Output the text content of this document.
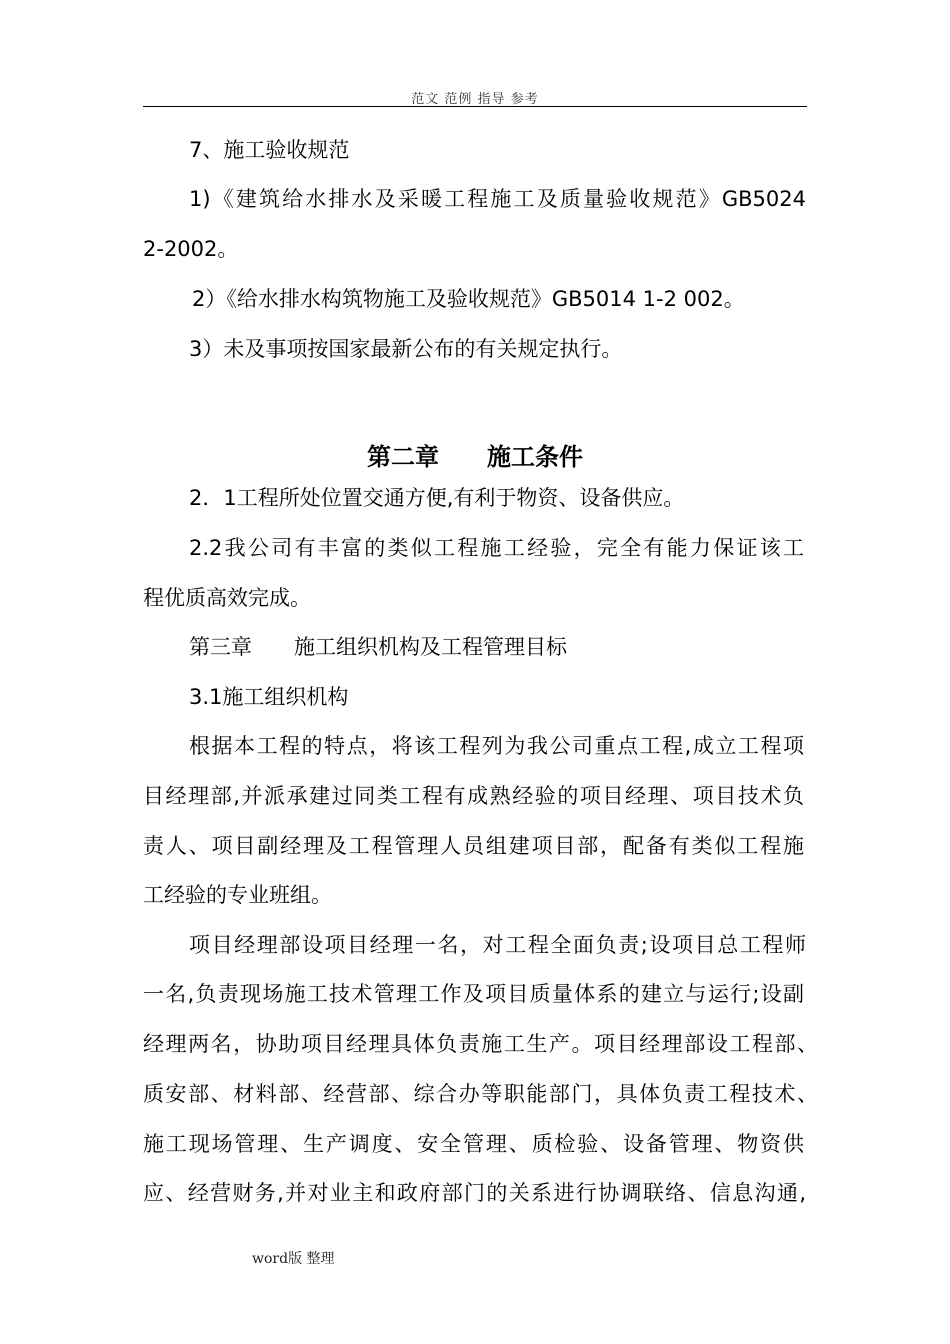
范文 范例 指导 参考
7、施工验收规范
1)《建筑给水排水及采暖工程施工及质量验收规范》GB5024
2-2002。
2）《给水排水构筑物施工及验收规范》GB5014 1-2 002。
3）未及事项按国家最新公布的有关规定执行。
第二章　　施工条件
2．1工程所处位置交通方便,有利于物资、设备供应。
2.2我公司有丰富的类似工程施工经验，完全有能力保证该工
程优质高效完成。
第三章　　施工组织机构及工程管理目标
3.1施工组织机构
根据本工程的特点，将该工程列为我公司重点工程,成立工程项
目经理部,并派承建过同类工程有成熟经验的项目经理、项目技术负
责人、项目副经理及工程管理人员组建项目部，配备有类似工程施
工经验的专业班组。
项目经理部设项目经理一名，对工程全面负责;设项目总工程师
一名,负责现场施工技术管理工作及项目质量体系的建立与运行;设副
经理两名，协助项目经理具体负责施工生产。项目经理部设工程部、
质安部、材料部、经营部、综合办等职能部门，具体负责工程技术、
施工现场管理、生产调度、安全管理、质检验、设备管理、物资供
应、经营财务,并对业主和政府部门的关系进行协调联络、信息沟通,
word版 整理
